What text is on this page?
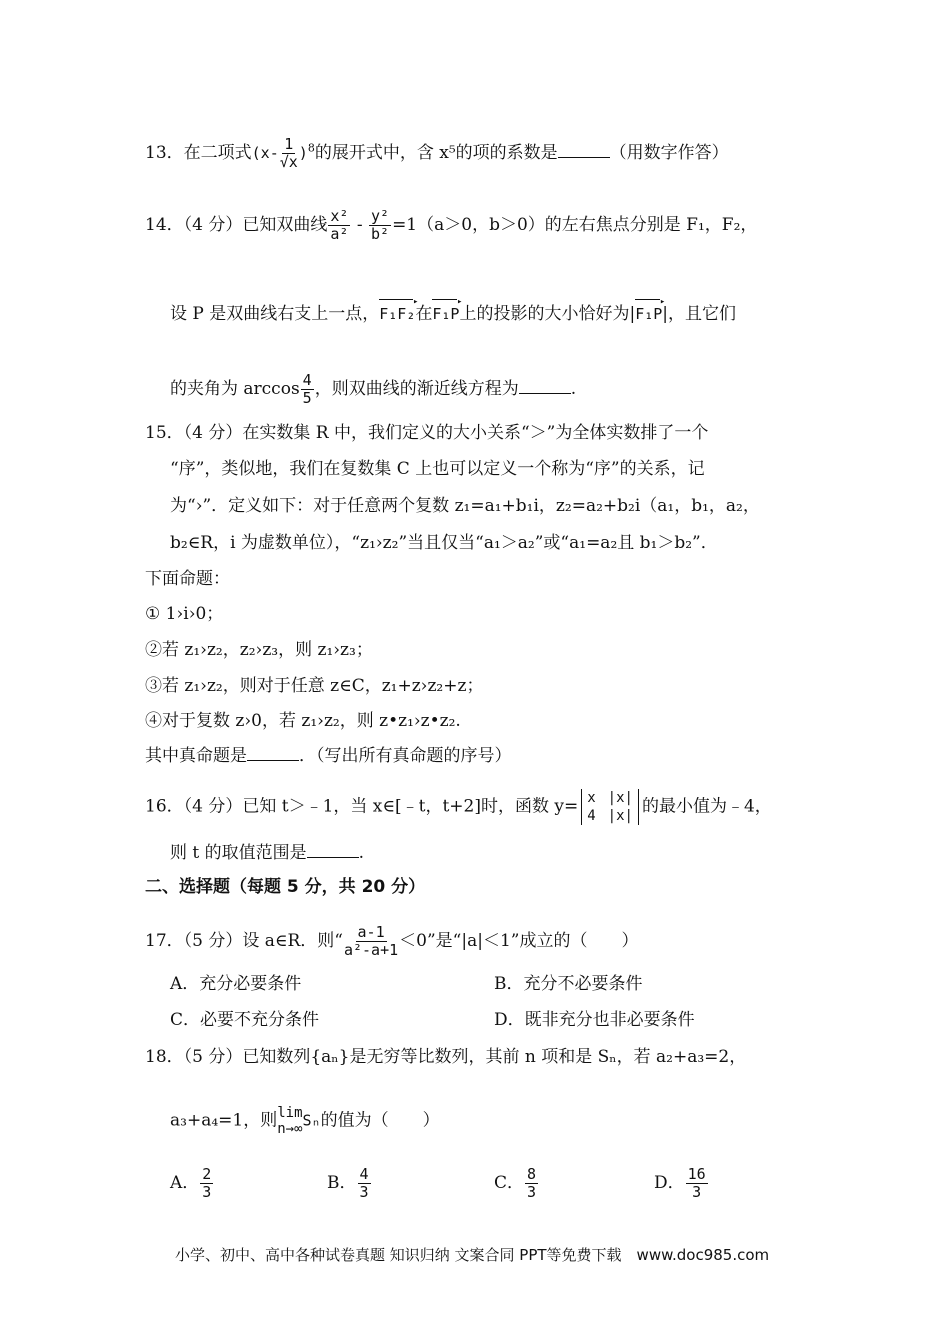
13．在二项式$(x- \frac{1}{√x} )^8$的展开式中，含 x⁵的项的系数是	（用数字作答）
14．（4 分）已知双曲线 $\frac{\text{x²}}{\text{a²}} - \frac{\text{y²}}{\text{b²}} =1(a>0$，b＞0）的左右焦点分别是 F₁，F₂，
设 P 是双曲线右支上一点，F₁F₂ ▸在F₁P ▸上的投影的大小恰好为|F₁P ▸|，且它们
的夹角为 $\arccos \frac{4}{5}$ ，则双曲线的渐近线方程为	.
15．（4 分）在实数集 R 中，我们定义的大小关系“＞”为全体实数排了一个
“序”，类似地，我们在复数集 C 上也可以定义一个称为“序”的关系，记
为“›”．定义如下：对于任意两个复数 z₁=a₁+b₁i，z₂=a₂+b₂i（a₁，b₁，a₂，
b₂∈R，i 为虚数单位），“z₁›z₂”当且仅当“a₁＞a₂”或“a₁=a₂且 b₁＞b₂”．
下面命题：
① 1›i›0；
②若 z₁›z₂，z₂›z₃，则 z₁›z₃；
③若 z₁›z₂，则对于任意 z∈C，z₁+z›z₂+z；
④对于复数 z›0，若 z₁›z₂，则 z•z₁›z•z₂.
其中真命题是	．（写出所有真命题的序号）
16．（4 分）已知 t＞﹣1，当 x∈[﹣t，t+2]时，函数 y= x |x|
4 |x| 的最小值为﹣4，
则 t 的取值范围是	.
二、选择题（每题 5 分，共 20 分）
17．（5 分）设 a∈R．则“ $\frac{a-1}{\text{a²-a+1}} <0$”是“|a|＜1”成立的（　　）
A．充分必要条件	B．充分不必要条件
C．必要不充分条件	D．既非充分也非必要条件
18．（5 分）已知数列{aₙ}是无穷等比数列，其前 n 项和是 Sₙ，若 a₂+a₃=2，
a₃+a₄=1，则 lim
n→∞ Sₙ的值为（　　）
A． $\frac{2}{3}$	B． $\frac{4}{3}$	C． $\frac{8}{3}$	D． $\frac{16}{3}$
小学、初中、高中各种试卷真题 知识归纳 文案合同 PPT等免费下载　www.doc985.com
